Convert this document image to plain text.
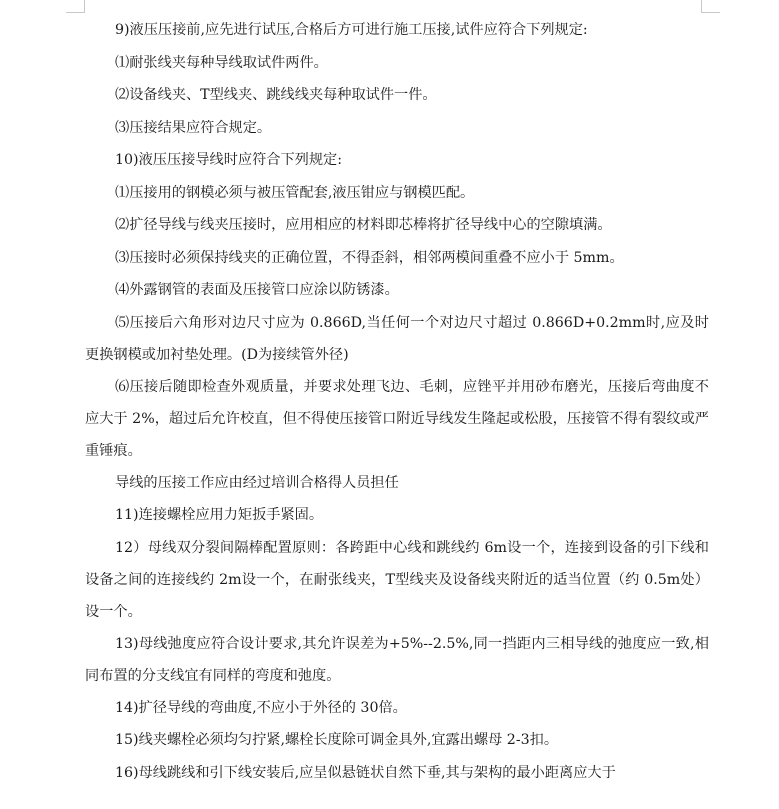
9)液压压接前,应先进行试压,合格后方可进行施工压接,试件应符合下列规定:

⑴耐张线夹每种导线取试件两件。

⑵设备线夹、T型线夹、跳线线夹每种取试件一件。

⑶压接结果应符合规定。

10)液压压接导线时应符合下列规定:

⑴压接用的钢模必须与被压管配套,液压钳应与钢模匹配。

⑵扩径导线与线夹压接时，应用相应的材料即芯棒将扩径导线中心的空隙填满。

⑶压接时必须保持线夹的正确位置，不得歪斜，相邻两模间重叠不应小于 5mm。

⑷外露钢管的表面及压接管口应涂以防锈漆。

⑸压接后六角形对边尺寸应为 0.866D,当任何一个对边尺寸超过 0.866D+0.2mm时,应及时更换钢模或加衬垫处理。(D为接续管外径)

⑹压接后随即检查外观质量，并要求处理飞边、毛刺，应锉平并用砂布磨光，压接后弯曲度不应大于 2%，超过后允许校直，但不得使压接管口附近导线发生隆起或松股，压接管不得有裂纹或严重锤痕。

导线的压接工作应由经过培训合格得人员担任

11)连接螺栓应用力矩扳手紧固。

12）母线双分裂间隔棒配置原则：各跨距中心线和跳线约 6m设一个，连接到设备的引下线和设备之间的连接线约 2m设一个，在耐张线夹，T型线夹及设备线夹附近的适当位置（约 0.5m处）设一个。

13)母线弛度应符合设计要求,其允许误差为+5%--2.5%,同一挡距内三相导线的弛度应一致,相同布置的分支线宜有同样的弯度和弛度。

14)扩径导线的弯曲度,不应小于外径的 30倍。

15)线夹螺栓必须均匀拧紧,螺栓长度除可调金具外,宜露出螺母 2-3扣。

16)母线跳线和引下线安装后,应呈似悬链状自然下垂,其与架构的最小距离应大于
